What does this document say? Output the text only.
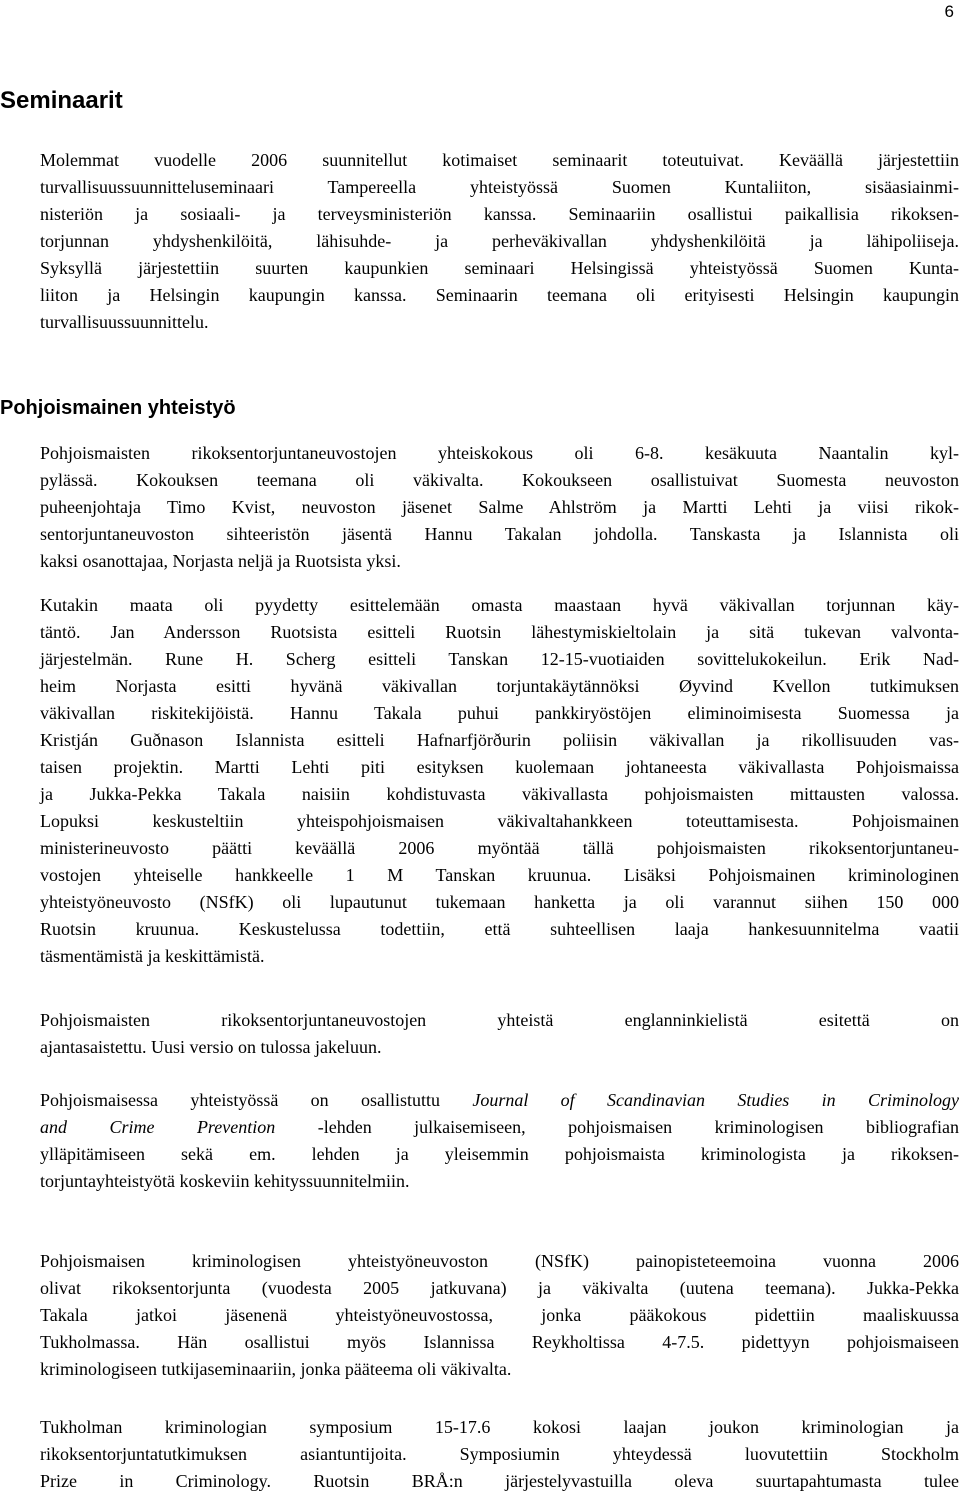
6
Seminaarit
Molemmat vuodelle 2006 suunnitellut kotimaiset seminaarit toteutuivat. Keväällä järjestettiin
turvallisuussuunnitteluseminaari Tampereella yhteistyössä Suomen Kuntaliiton, sisäasiainmi-
nisteriön ja sosiaali- ja terveysministeriön kanssa. Seminaariin osallistui paikallisia rikoksen-
torjunnan yhdyshenkilöitä, lähisuhde- ja perheväkivallan yhdyshenkilöitä ja lähipoliiseja.
Syksyllä järjestettiin suurten kaupunkien seminaari Helsingissä yhteistyössä Suomen Kunta-
liiton ja Helsingin kaupungin kanssa. Seminaarin teemana oli erityisesti Helsingin kaupungin
turvallisuussuunnittelu.
Pohjoismainen yhteistyö
Pohjoismaisten rikoksentorjuntaneuvostojen yhteiskokous oli 6-8. kesäkuuta Naantalin kyl-
pylässä. Kokouksen teemana oli väkivalta. Kokoukseen osallistuivat Suomesta neuvoston
puheenjohtaja Timo Kvist, neuvoston jäsenet Salme Ahlström ja Martti Lehti ja viisi rikok-
sentorjuntaneuvoston sihteeristön jäsentä Hannu Takalan johdolla. Tanskasta ja Islannista oli
kaksi osanottajaa, Norjasta neljä ja Ruotsista yksi.
Kutakin maata oli pyydetty esittelemään omasta maastaan hyvä väkivallan torjunnan käy-
täntö. Jan Andersson Ruotsista esitteli Ruotsin lähestymiskieltolain ja sitä tukevan valvonta-
järjestelmän. Rune H. Scherg esitteli Tanskan 12-15-vuotiaiden sovittelukokeilun. Erik Nad-
heim Norjasta esitti hyvänä väkivallan torjuntakäytännöksi Øyvind Kvellon tutkimuksen
väkivallan riskitekijöistä. Hannu Takala puhui pankkiryöstöjen eliminoimisesta Suomessa ja
Kristján Guðnason Islannista esitteli Hafnarfjörðurin poliisin väkivallan ja rikollisuuden vas-
taisen projektin. Martti Lehti piti esityksen kuolemaan johtaneesta väkivallasta Pohjoismaissa
ja Jukka-Pekka Takala naisiin kohdistuvasta väkivallasta pohjoismaisten mittausten valossa.
Lopuksi keskusteltiin yhteispohjoismaisen väkivaltahankkeen toteuttamisesta. Pohjoismainen
ministerineuvosto päätti keväällä 2006 myöntää tällä pohjoismaisten rikoksentorjuntaneu-
vostojen yhteiselle hankkeelle 1 M Tanskan kruunua. Lisäksi Pohjoismainen kriminologinen
yhteistyöneuvosto (NSfK) oli lupautunut tukemaan hanketta ja oli varannut siihen 150 000
Ruotsin kruunua. Keskustelussa todettiin, että suhteellisen laaja hankesuunnitelma vaatii
täsmentämistä ja keskittämistä.
Pohjoismaisten rikoksentorjuntaneuvostojen yhteistä englanninkielistä esitettä on
ajantasaistettu. Uusi versio on tulossa jakeluun.
Pohjoismaisessa yhteistyössä on osallistuttu Journal of Scandinavian Studies in Criminology
and Crime Prevention -lehden julkaisemiseen, pohjoismaisen kriminologisen bibliografian
ylläpitämiseen sekä em. lehden ja yleisemmin pohjoismaista kriminologista ja rikoksen-
torjuntayhteistyötä koskeviin kehityssuunnitelmiin.
Pohjoismaisen kriminologisen yhteistyöneuvoston (NSfK) painopisteteemoina vuonna 2006
olivat rikoksentorjunta (vuodesta 2005 jatkuvana) ja väkivalta (uutena teemana). Jukka-Pekka
Takala jatkoi jäsenenä yhteistyöneuvostossa, jonka pääkokous pidettiin maaliskuussa
Tukholmassa. Hän osallistui myös Islannissa Reykholtissa 4-7.5. pidettyyn pohjoismaiseen
kriminologiseen tutkijaseminaariin, jonka pääteema oli väkivalta.
Tukholman kriminologian symposium 15-17.6 kokosi laajan joukon kriminologian ja
rikoksentorjuntatutkimuksen asiantuntijoita. Symposiumin yhteydessä luovutettiin Stockholm
Prize in Criminology. Ruotsin BRÅ:n järjestelyvastuilla oleva suurtapahtumasta tulee
